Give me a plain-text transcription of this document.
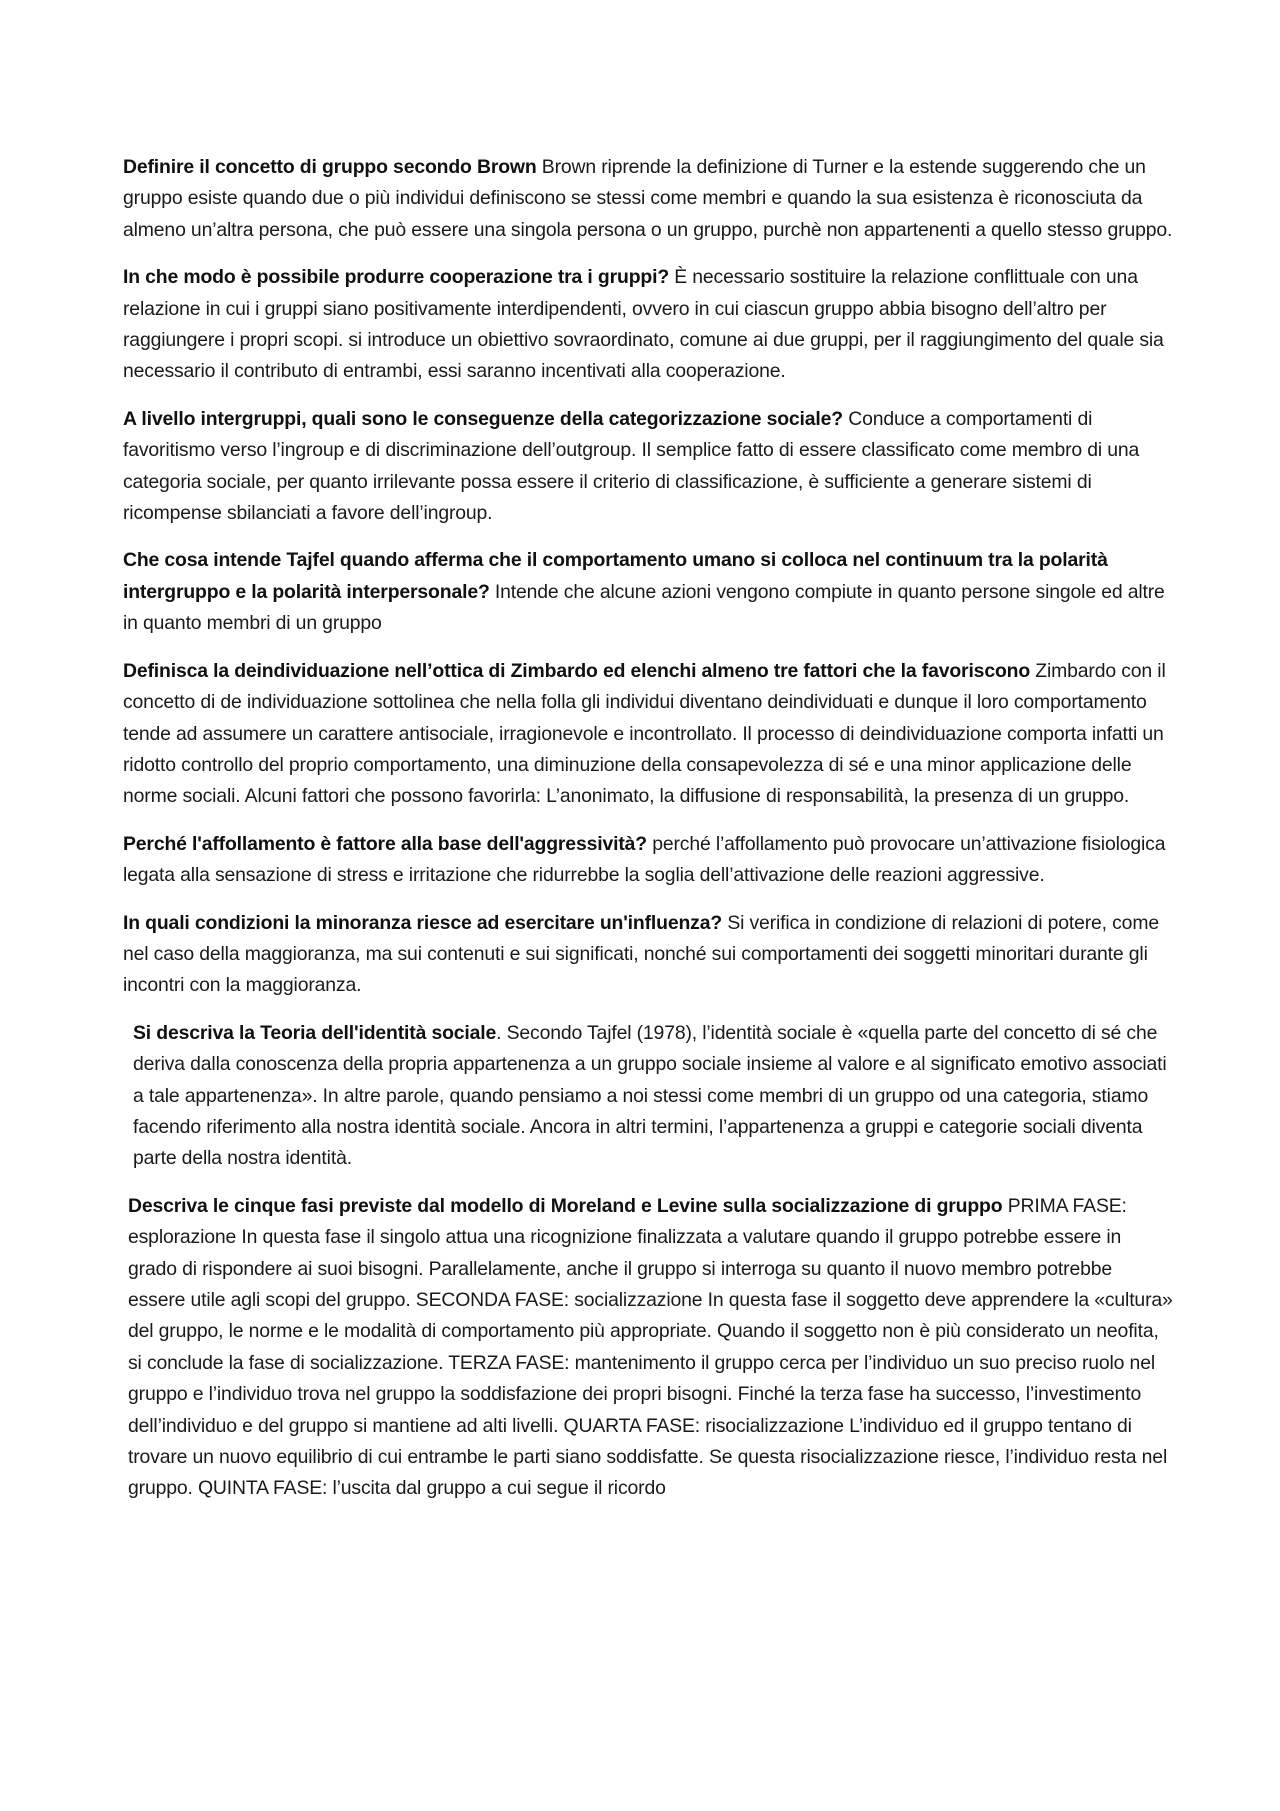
Definire il concetto di gruppo secondo Brown Brown riprende la definizione di Turner e la estende suggerendo che un gruppo esiste quando due o più individui definiscono se stessi come membri e quando la sua esistenza è riconosciuta da almeno un’altra persona, che può essere una singola persona o un gruppo, purchè non appartenenti a quello stesso gruppo.

In che modo è possibile produrre cooperazione tra i gruppi? È necessario sostituire la relazione conflittuale con una relazione in cui i gruppi siano positivamente interdipendenti, ovvero in cui ciascun gruppo abbia bisogno dell’altro per raggiungere i propri scopi. si introduce un obiettivo sovraordinato, comune ai due gruppi, per il raggiungimento del quale sia necessario il contributo di entrambi, essi saranno incentivati alla cooperazione.

A livello intergruppi, quali sono le conseguenze della categorizzazione sociale? Conduce a comportamenti di favoritismo verso l’ingroup e di discriminazione dell’outgroup. Il semplice fatto di essere classificato come membro di una categoria sociale, per quanto irrilevante possa essere il criterio di classificazione, è sufficiente a generare sistemi di ricompense sbilanciati a favore dell’ingroup.

Che cosa intende Tajfel quando afferma che il comportamento umano si colloca nel continuum tra la polarità intergruppo e la polarità interpersonale? Intende che alcune azioni vengono compiute in quanto persone singole ed altre in quanto membri di un gruppo

Definisca la deindividuazione nell’ottica di Zimbardo ed elenchi almeno tre fattori che la favoriscono Zimbardo con il concetto di de individuazione sottolinea che nella folla gli individui diventano deindividuati e dunque il loro comportamento tende ad assumere un carattere antisociale, irragionevole e incontrollato. Il processo di deindividuazione comporta infatti un ridotto controllo del proprio comportamento, una diminuzione della consapevolezza di sé e una minor applicazione delle norme sociali. Alcuni fattori che possono favorirla: L’anonimato, la diffusione di responsabilità, la presenza di un gruppo.

Perché l'affollamento è fattore alla base dell'aggressività? perché l’affollamento può provocare un’attivazione fisiologica legata alla sensazione di stress e irritazione che ridurrebbe la soglia dell’attivazione delle reazioni aggressive.

In quali condizioni la minoranza riesce ad esercitare un'influenza? Si verifica in condizione di relazioni di potere, come nel caso della maggioranza, ma sui contenuti e sui significati, nonché sui comportamenti dei soggetti minoritari durante gli incontri con la maggioranza.

Si descriva la Teoria dell'identità sociale. Secondo Tajfel (1978), l’identità sociale è «quella parte del concetto di sé che deriva dalla conoscenza della propria appartenenza a un gruppo sociale insieme al valore e al significato emotivo associati a tale appartenenza». In altre parole, quando pensiamo a noi stessi come membri di un gruppo od una categoria, stiamo facendo riferimento alla nostra identità sociale. Ancora in altri termini, l’appartenenza a gruppi e categorie sociali diventa parte della nostra identità.

Descriva le cinque fasi previste dal modello di Moreland e Levine sulla socializzazione di gruppo PRIMA FASE: esplorazione In questa fase il singolo attua una ricognizione finalizzata a valutare quando il gruppo potrebbe essere in grado di rispondere ai suoi bisogni. Parallelamente, anche il gruppo si interroga su quanto il nuovo membro potrebbe essere utile agli scopi del gruppo. SECONDA FASE: socializzazione In questa fase il soggetto deve apprendere la «cultura» del gruppo, le norme e le modalità di comportamento più appropriate. Quando il soggetto non è più considerato un neofita, si conclude la fase di socializzazione. TERZA FASE: mantenimento il gruppo cerca per l’individuo un suo preciso ruolo nel gruppo e l’individuo trova nel gruppo la soddisfazione dei propri bisogni. Finché la terza fase ha successo, l’investimento dell’individuo e del gruppo si mantiene ad alti livelli. QUARTA FASE: risocializzazione L’individuo ed il gruppo tentano di trovare un nuovo equilibrio di cui entrambe le parti siano soddisfatte. Se questa risocializzazione riesce, l’individuo resta nel gruppo. QUINTA FASE: l’uscita dal gruppo a cui segue il ricordo
